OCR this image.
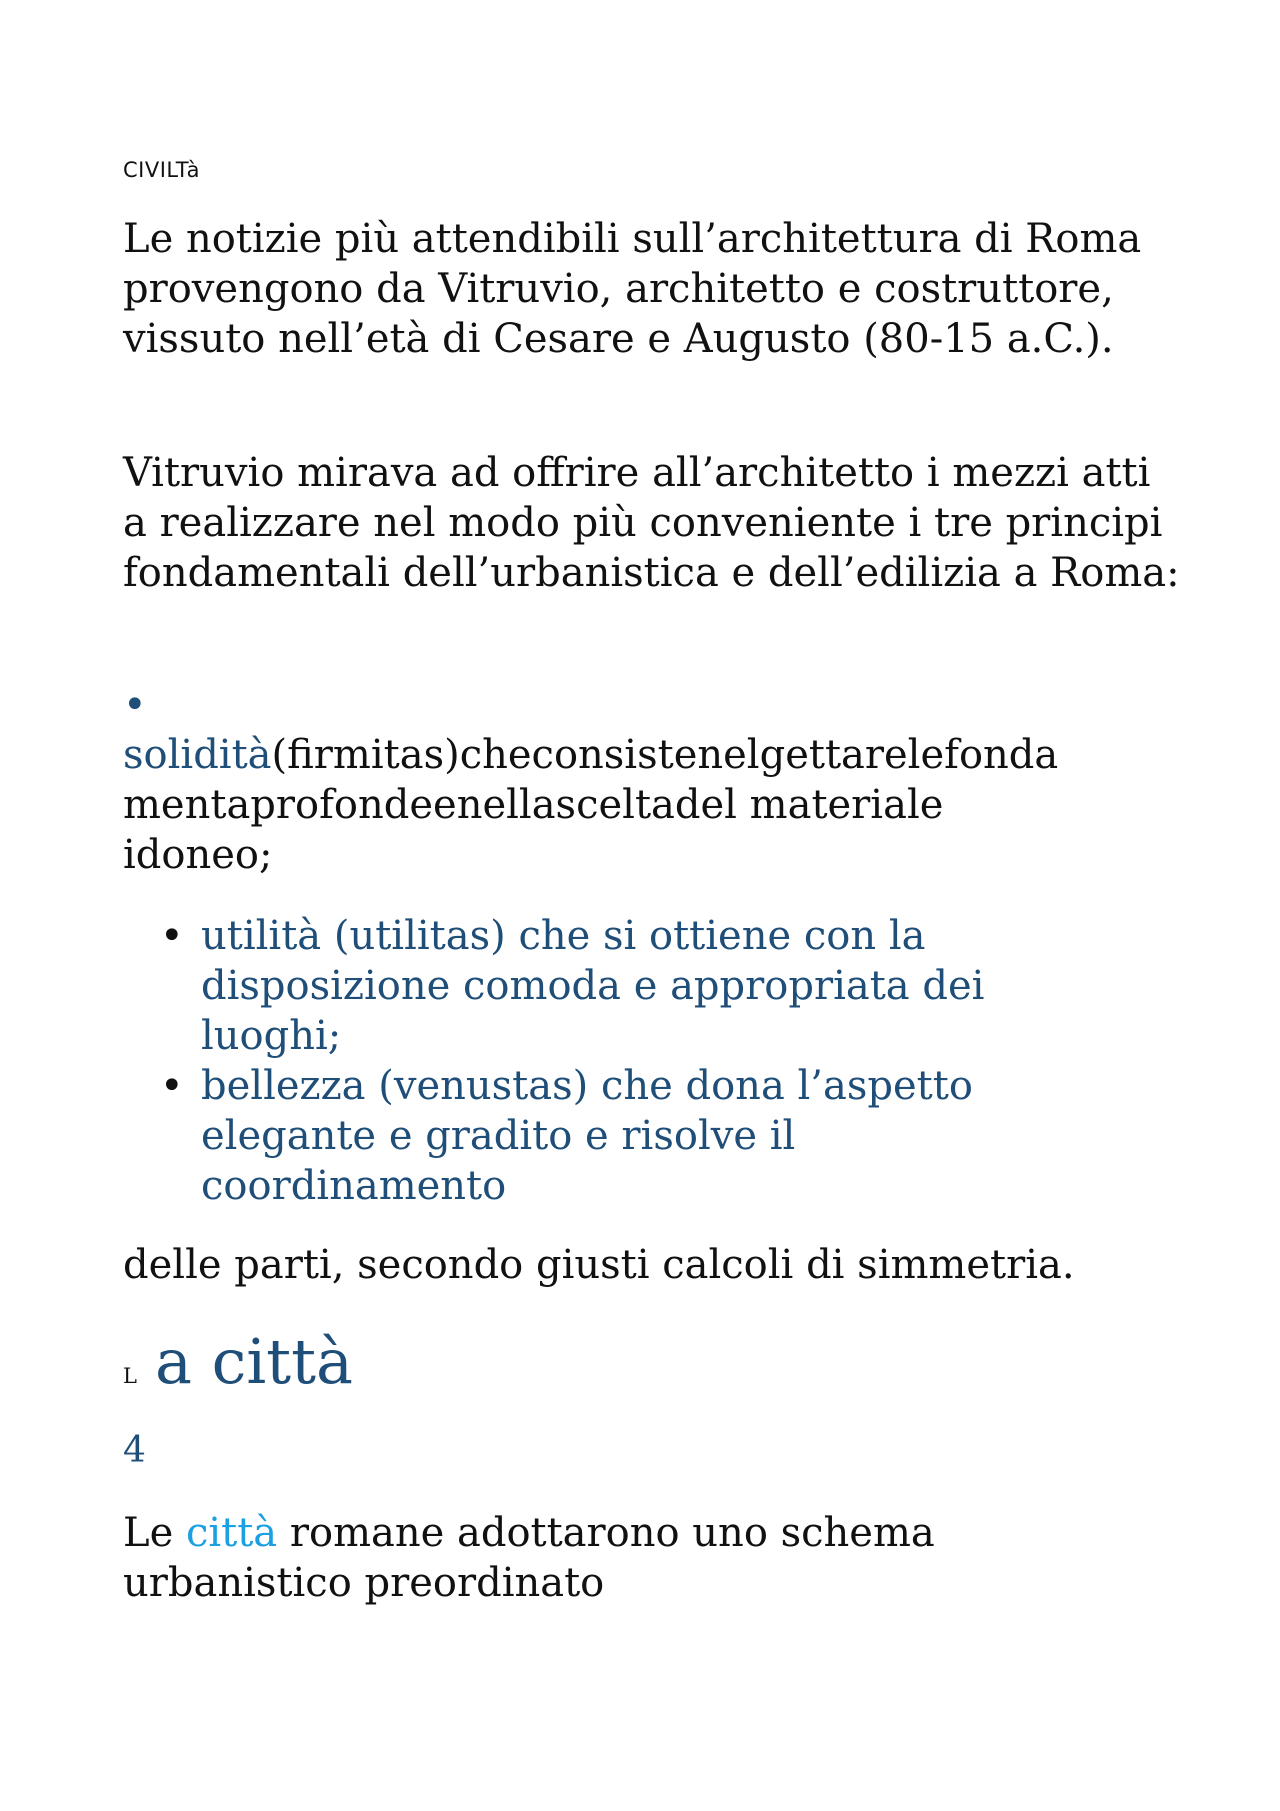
CIVILTà

Le notizie più attendibili sull’architettura di Roma provengono da Vitruvio, architetto e costruttore, vissuto nell’età di Cesare e Augusto (80-15 a.C.).

Vitruvio mirava ad offrire all’architetto i mezzi atti a realizzare nel modo più conveniente i tre principi fondamentali dell’urbanistica e dell’edilizia a Roma:

•

solidità(firmitas)checonsistenelgettarelefonda
mentaprofondeenellasceltadel materiale
idoneo;

• utilità (utilitas) che si ottiene con la
disposizione comoda e appropriata dei
luoghi;
• bellezza (venustas) che dona l’aspetto
elegante e gradito e risolve il
coordinamento

delle parti, secondo giusti calcoli di simmetria.

L a città
4

Le città romane adottarono uno schema
urbanistico preordinato
